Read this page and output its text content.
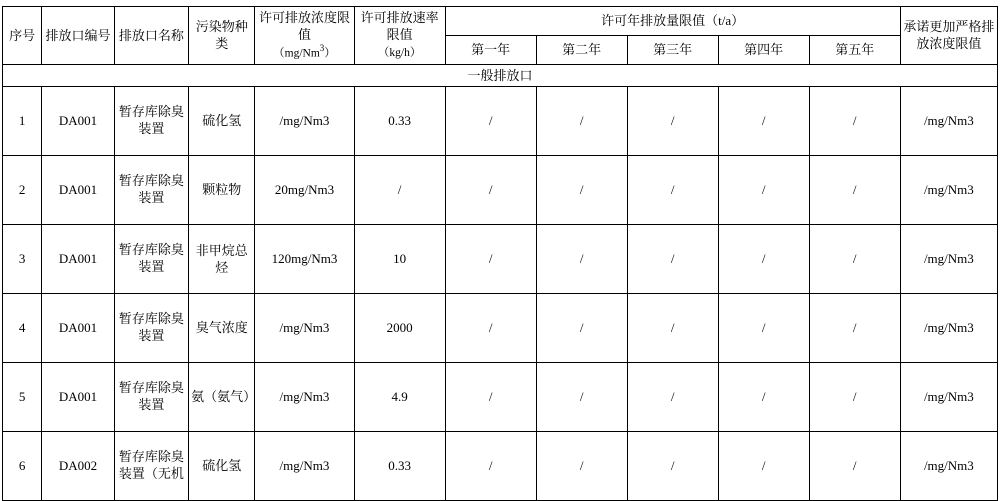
序号	排放口编号	排放口名称	污染物种类	许可排放浓度限值
（mg/Nm$^3$）	许可排放速率限值
（kg/h）	许可年排放量限值（t/a）					承诺更加严格排放浓度限值
						第一年	第二年	第三年	第四年	第五年	
一般排放口											
1	DA001	暂存库除臭装置	硫化氢	/mg/Nm3	0.33	/	/	/	/	/	/mg/Nm3
2	DA001	暂存库除臭装置	颗粒物	20mg/Nm3	/	/	/	/	/	/	/mg/Nm3
3	DA001	暂存库除臭装置	非甲烷总烃	120mg/Nm3	10	/	/	/	/	/	/mg/Nm3
4	DA001	暂存库除臭装置	臭气浓度	/mg/Nm3	2000	/	/	/	/	/	/mg/Nm3
5	DA001	暂存库除臭装置	氨（氨气）	/mg/Nm3	4.9	/	/	/	/	/	/mg/Nm3
6	DA002	暂存库除臭装置（无机	硫化氢	/mg/Nm3	0.33	/	/	/	/	/	/mg/Nm3
